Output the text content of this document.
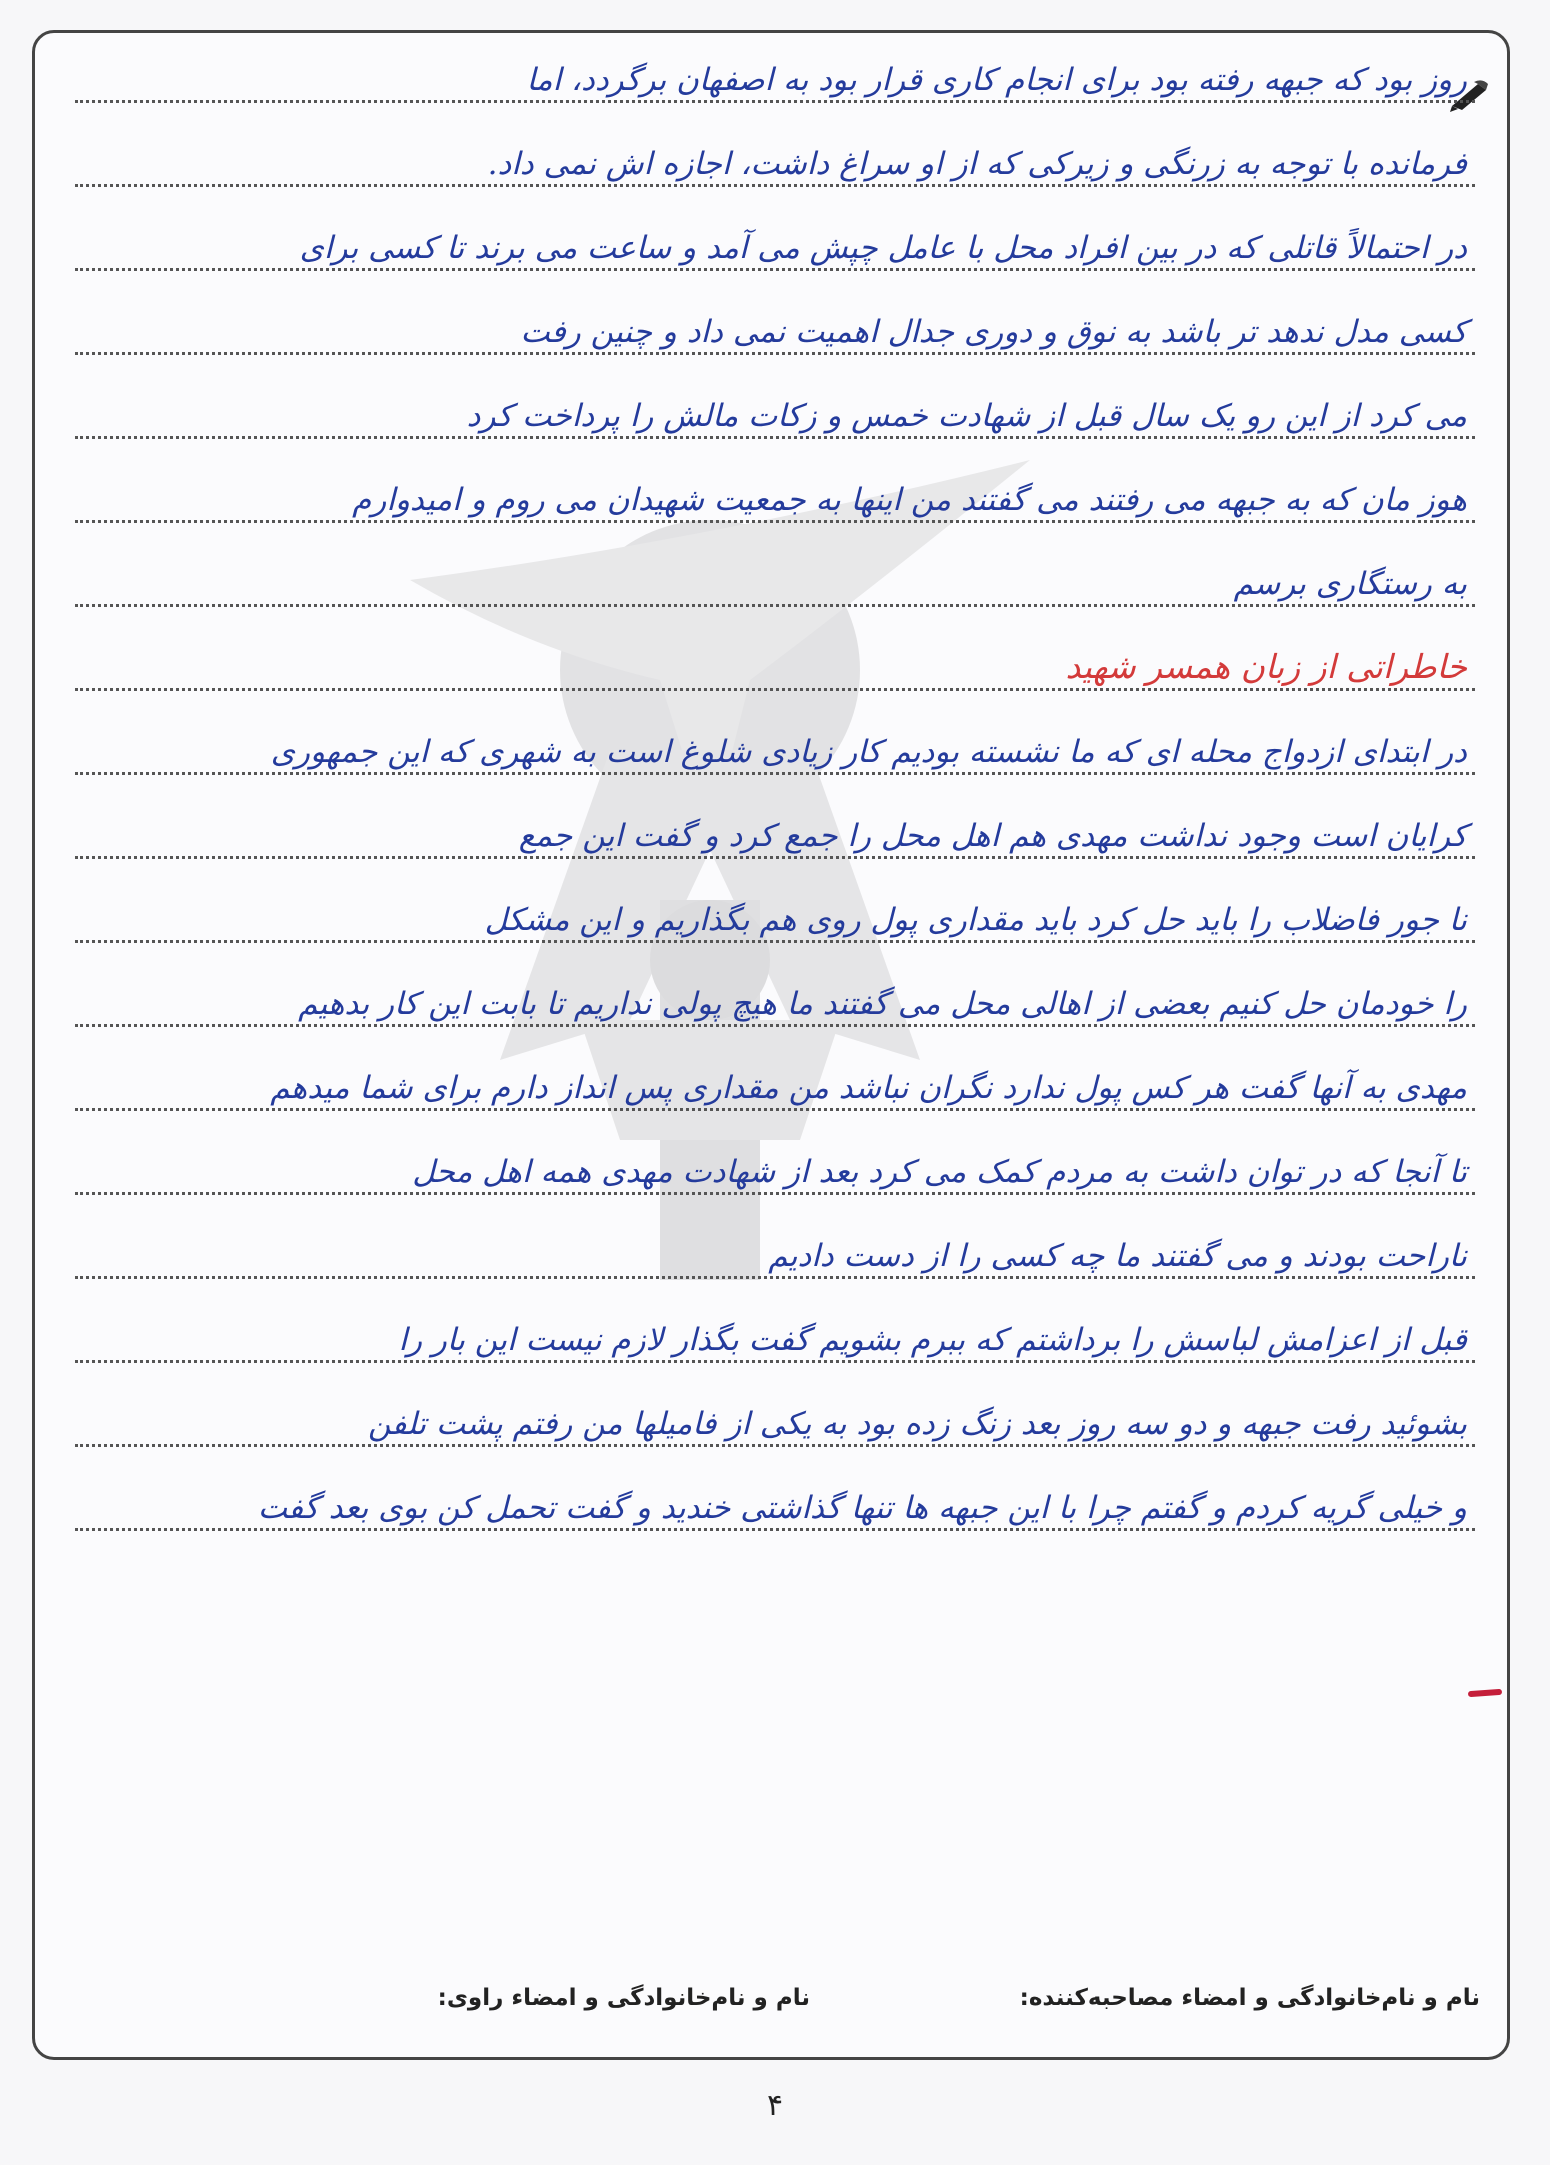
روز بود که جبهه رفته بود برای انجام کاری قرار بود به اصفهان برگردد، اما
فرمانده با توجه به زرنگی و زیرکی که از او سراغ داشت، اجازه اش نمی داد.
در احتمالاً قاتلی که در بین افراد محل با عامل چپش می آمد و ساعت می برند تا کسی برای
کسی مدل ندهد تر باشد به نوق و دوری جدال اهمیت نمی داد و چنین رفت
می کرد از این رو یک سال قبل از شهادت خمس و زکات مالش را پرداخت کرد
هوز مان که به جبهه می رفتند می گفتند من اینها به جمعیت شهیدان می روم و امیدوارم
به رستگاری برسم
خاطراتی از زبان همسر شهید
در ابتدای ازدواج محله ای که ما نشسته بودیم کار زیادی شلوغ است به شهری که این جمهوری
کرایان است وجود نداشت مهدی هم اهل محل را جمع کرد و گفت این جمع
نا جور فاضلاب را باید حل کرد باید مقداری پول روی هم بگذاریم و این مشکل
را خودمان حل کنیم بعضی از اهالی محل می گفتند ما هیچ پولی نداریم تا بابت این کار بدهیم
مهدی به آنها گفت هر کس پول ندارد نگران نباشد من مقداری پس انداز دارم برای شما میدهم
تا آنجا که در توان داشت به مردم کمک می کرد بعد از شهادت مهدی همه اهل محل
ناراحت بودند و می گفتند ما چه کسی را از دست دادیم
قبل از اعزامش لباسش را برداشتم که ببرم بشویم گفت بگذار لازم نیست این بار را
بشوئید رفت جبهه و دو سه روز بعد زنگ زده بود به یکی از فامیلها من رفتم پشت تلفن
و خیلی گریه کردم و گفتم چرا با این جبهه ها تنها گذاشتی خندید و گفت تحمل کن بوی بعد گفت
نام و نام‌خانوادگی و امضاء مصاحبه‌کننده:
نام و نام‌خانوادگی و امضاء راوی:
۴
